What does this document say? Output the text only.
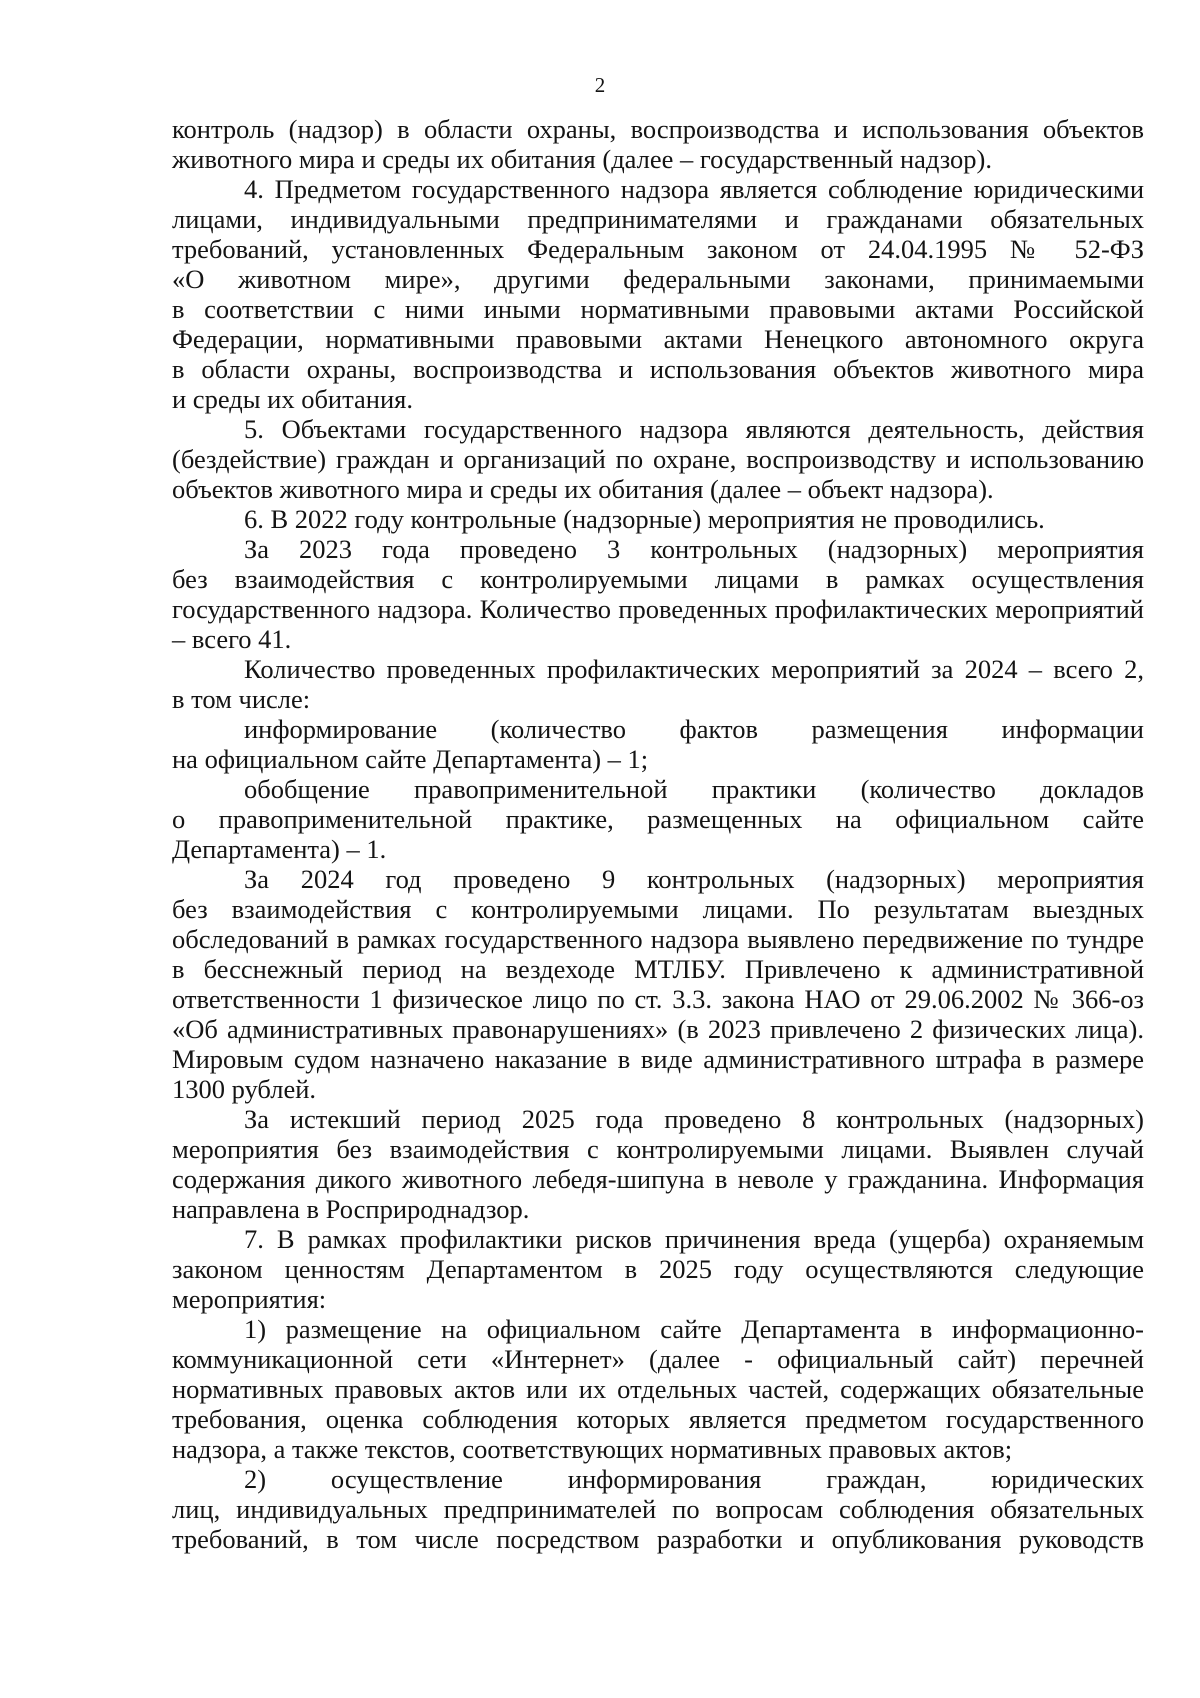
2

контроль (надзор) в области охраны, воспроизводства и использования объектов

животного мира и среды их обитания (далее – государственный надзор).

4. Предметом государственного надзора является соблюдение юридическими

лицами, индивидуальными предпринимателями и гражданами обязательных

требований, установленных Федеральным законом от 24.04.1995 № 52-ФЗ

«О животном мире», другими федеральными законами, принимаемыми

в соответствии с ними иными нормативными правовыми актами Российской

Федерации, нормативными правовыми актами Ненецкого автономного округа

в области охраны, воспроизводства и использования объектов животного мира

и среды их обитания.

5. Объектами государственного надзора являются деятельность, действия

(бездействие) граждан и организаций по охране, воспроизводству и использованию

объектов животного мира и среды их обитания (далее – объект надзора).

6. В 2022 году контрольные (надзорные) мероприятия не проводились.

За 2023 года проведено 3 контрольных (надзорных) мероприятия

без взаимодействия с контролируемыми лицами в рамках осуществления

государственного надзора. Количество проведенных профилактических мероприятий

– всего 41.

Количество проведенных профилактических мероприятий за 2024 – всего 2,

в том числе:

информирование (количество фактов размещения информации

на официальном сайте Департамента) – 1;

обобщение правоприменительной практики (количество докладов

о правоприменительной практике, размещенных на официальном сайте

Департамента) – 1.

За 2024 год проведено 9 контрольных (надзорных) мероприятия

без взаимодействия с контролируемыми лицами. По результатам выездных

обследований в рамках государственного надзора выявлено передвижение по тундре

в бесснежный период на вездеходе МТЛБУ. Привлечено к административной

ответственности 1 физическое лицо по ст. 3.3. закона НАО от 29.06.2002 № 366-оз

«Об административных правонарушениях» (в 2023 привлечено 2 физических лица).

Мировым судом назначено наказание в виде административного штрафа в размере

1300 рублей.

За истекший период 2025 года проведено 8 контрольных (надзорных)

мероприятия без взаимодействия с контролируемыми лицами. Выявлен случай

содержания дикого животного лебедя-шипуна в неволе у гражданина. Информация

направлена в Росприроднадзор.

7. В рамках профилактики рисков причинения вреда (ущерба) охраняемым

законом ценностям Департаментом в 2025 году осуществляются следующие

мероприятия:

1) размещение на официальном сайте Департамента в информационно-

коммуникационной сети «Интернет» (далее - официальный сайт) перечней

нормативных правовых актов или их отдельных частей, содержащих обязательные

требования, оценка соблюдения которых является предметом государственного

надзора, а также текстов, соответствующих нормативных правовых актов;

2) осуществление информирования граждан, юридических

лиц, индивидуальных предпринимателей по вопросам соблюдения обязательных

требований, в том числе посредством разработки и опубликования руководств
